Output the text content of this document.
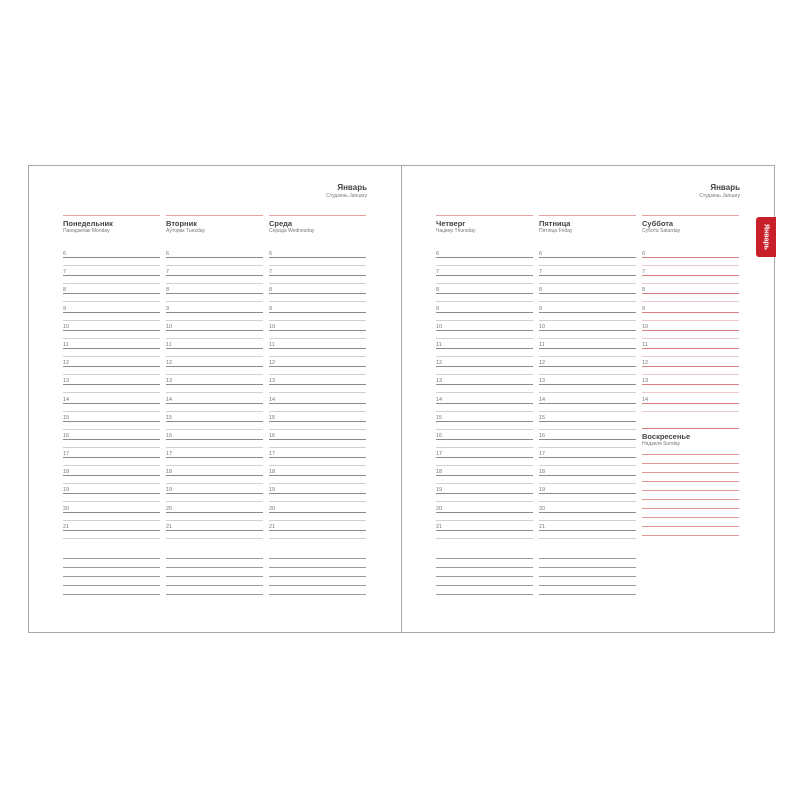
Январь
Студзень January
Понедельник
Панядзелак Monday
Вторник
Аўторак Tuesday
Среда
Серада Wednesday
6
7
8
9
10
11
12
13
14
15
16
17
18
19
20
21
6
7
8
9
10
11
12
13
14
15
16
17
18
19
20
21
6
7
8
9
10
11
12
13
14
15
16
17
18
19
20
21
Январь
Студзень January
Четверг
Чацвер Thursday
Пятница
Пятніца Friday
Суббота
Субота Saturday
6
7
8
9
10
11
12
13
14
15
16
17
18
19
20
21
6
7
8
9
10
11
12
13
14
15
16
17
18
19
20
21
6
7
8
9
10
11
12
13
14
Воскресенье
Нядзеля Sunday
Январь
